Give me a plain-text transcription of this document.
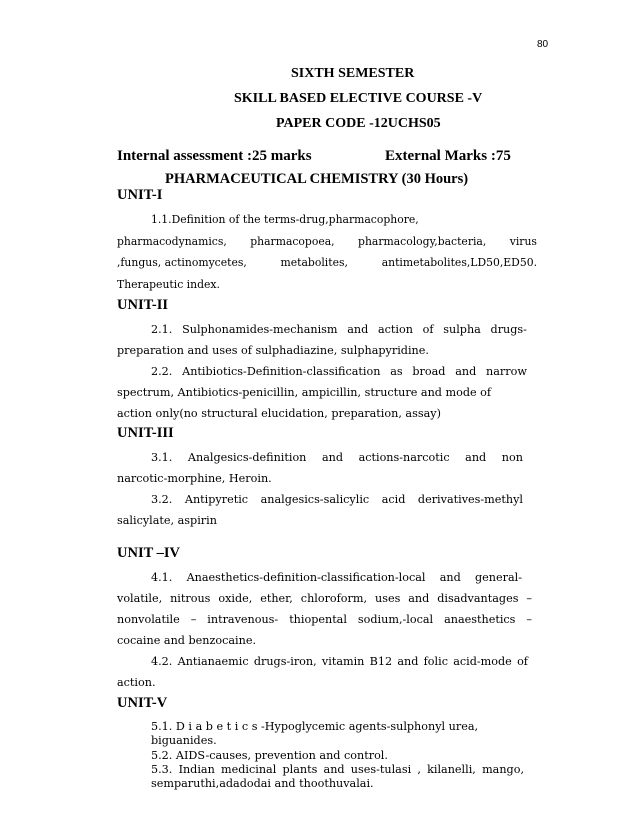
80
SIXTH SEMESTER
SKILL BASED ELECTIVE COURSE -V
PAPER CODE -12UCHS05
Internal assessment :25 marks	External Marks :75
PHARMACEUTICAL CHEMISTRY (30 Hours)
UNIT-I
1.1.Definition of the terms-drug,pharmacophore,
pharmacodynamics, pharmacopoea, pharmacology,bacteria, virus
,fungus, actinomycetes,	metabolites,	antimetabolites,LD50,ED50.
Therapeutic index.
UNIT-II
2.1. Sulphonamides-mechanism and action of sulpha drugs-
preparation and uses of sulphadiazine, sulphapyridine.
2.2. Antibiotics-Definition-classification as broad and narrow
spectrum, Antibiotics-penicillin, ampicillin, structure and mode of
action only(no structural elucidation, preparation, assay)
UNIT-III
3.1. Analgesics-definition and actions-narcotic and non
narcotic-morphine, Heroin.
3.2. Antipyretic analgesics-salicylic acid derivatives-methyl
salicylate, aspirin
UNIT –IV
4.1. Anaesthetics-definition-classification-local and general-
volatile, nitrous oxide, ether, chloroform, uses and disadvantages –
nonvolatile – intravenous- thiopental sodium,-local anaesthetics –
cocaine and benzocaine.
4.2. Antianaemic drugs-iron, vitamin B12 and folic acid-mode of
action.
UNIT-V
5.1. D i a b e t i c s -Hypoglycemic agents-sulphonyl urea,
biguanides.
5.2. AIDS-causes, prevention and control.
5.3. Indian medicinal plants and uses-tulasi , kilanelli, mango,
semparuthi,adadodai and thoothuvalai.
